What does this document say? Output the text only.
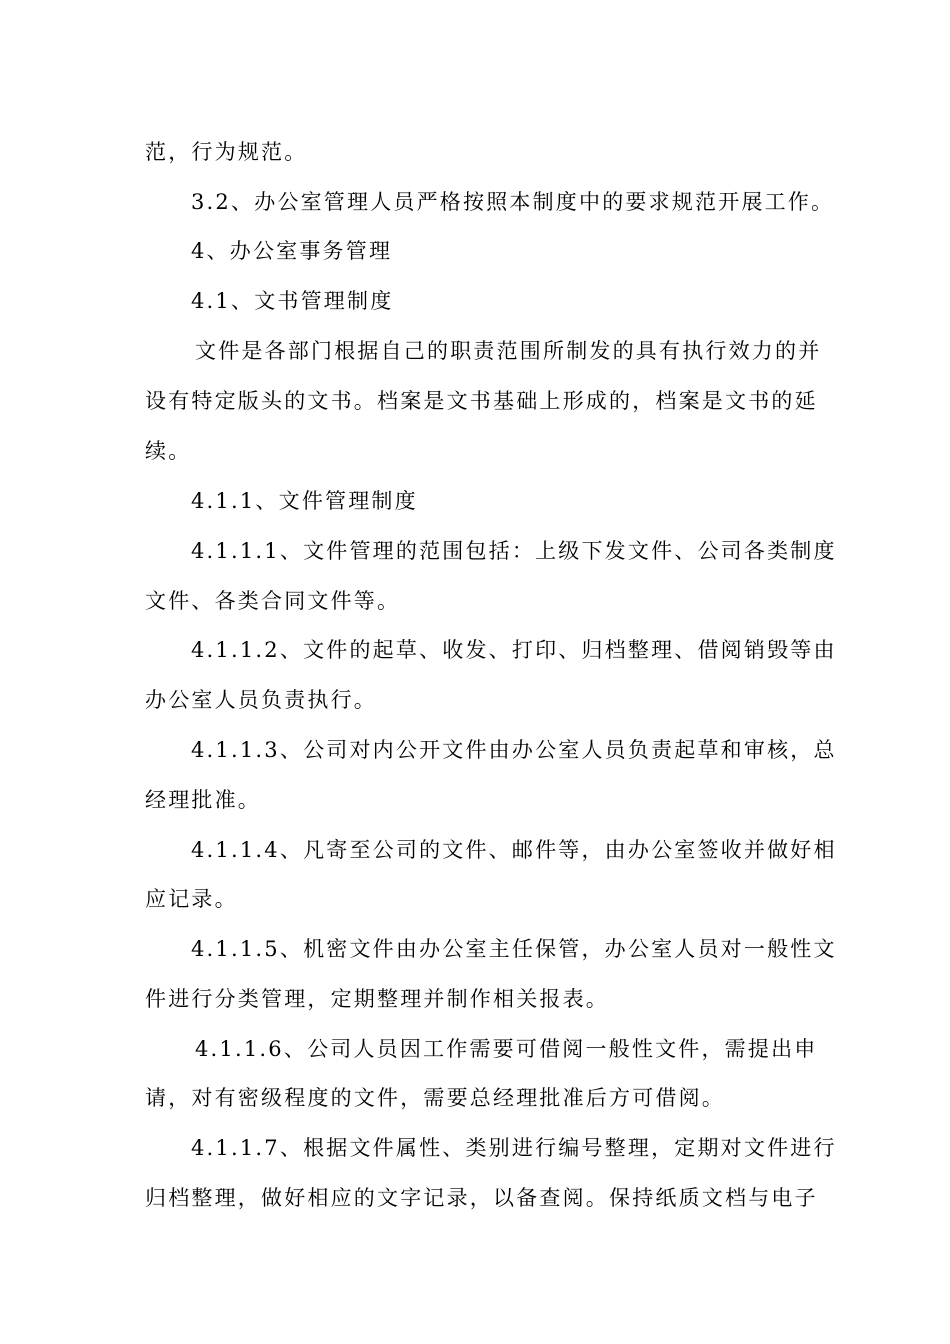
范，行为规范。
3.2、办公室管理人员严格按照本制度中的要求规范开展工作。
4、办公室事务管理
4.1、文书管理制度
文件是各部门根据自己的职责范围所制发的具有执行效力的并
设有特定版头的文书。档案是文书基础上形成的，档案是文书的延
续。
4.1.1、文件管理制度
4.1.1.1、文件管理的范围包括：上级下发文件、公司各类制度
文件、各类合同文件等。
4.1.1.2、文件的起草、收发、打印、归档整理、借阅销毁等由
办公室人员负责执行。
4.1.1.3、公司对内公开文件由办公室人员负责起草和审核，总
经理批准。
4.1.1.4、凡寄至公司的文件、邮件等，由办公室签收并做好相
应记录。
4.1.1.5、机密文件由办公室主任保管，办公室人员对一般性文
件进行分类管理，定期整理并制作相关报表。
4.1.1.6、公司人员因工作需要可借阅一般性文件，需提出申
请，对有密级程度的文件，需要总经理批准后方可借阅。
4.1.1.7、根据文件属性、类别进行编号整理，定期对文件进行
归档整理，做好相应的文字记录，以备查阅。保持纸质文档与电子
